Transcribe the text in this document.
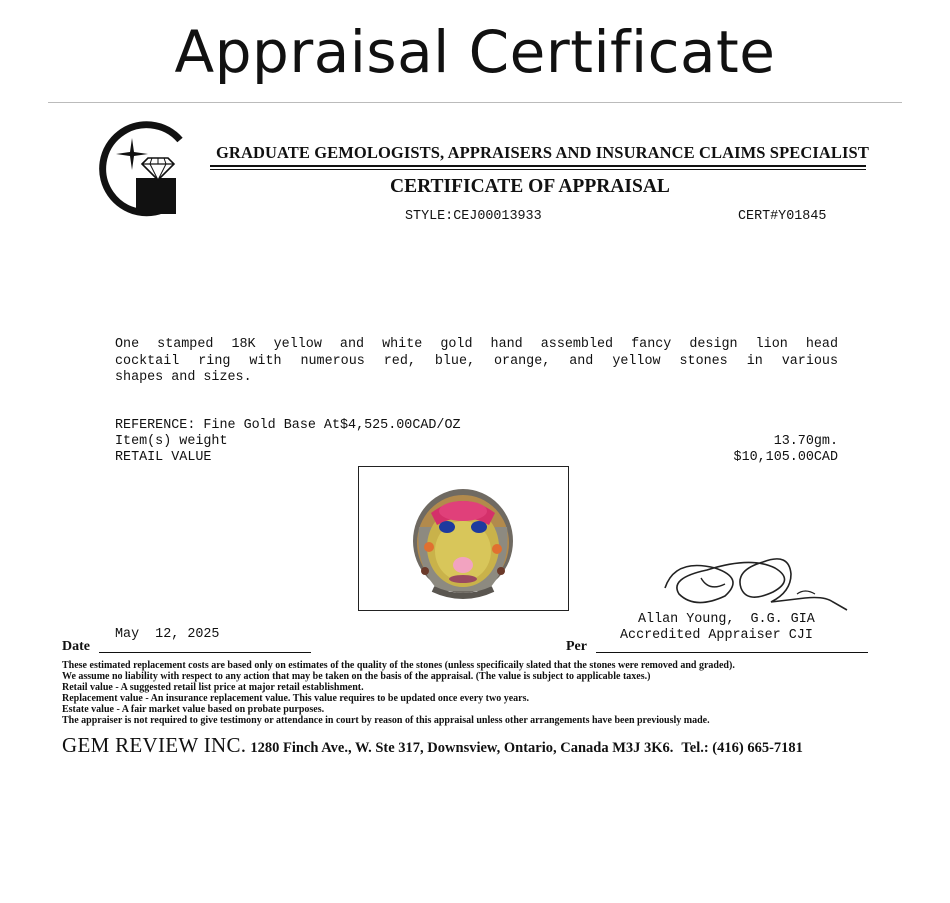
Appraisal Certificate
GRADUATE GEMOLOGISTS, APPRAISERS AND INSURANCE CLAIMS SPECIALIST
CERTIFICATE OF APPRAISAL
STYLE:CEJ00013933	CERT#Y01845
One stamped 18K yellow and white gold hand assembled fancy design lion head
cocktail ring with numerous red, blue, orange, and yellow stones in various
shapes and sizes.
REFERENCE: Fine Gold Base At$4,525.00CAD/OZ
Item(s) weight	13.70gm.
RETAIL VALUE	$10,105.00CAD
Allan Young,  G.G. GIA
Accredited Appraiser CJI
May  12, 2025
Date	Per
These estimated replacement costs are based only on estimates of the quality of the stones (unless specificaily slated that the stones were removed and graded).
We assume no liability with respect to any action that may be taken on the basis of the appraisal. (The value is subject to applicable taxes.)
Retail value - A suggested retail list price at major retail establishment.
Replacement value - An insurance replacement value. This value requires to be updated once every two years.
Estate value - A fair market value based on probate purposes.
The appraiser is not required to give testimony or attendance in court by reason of this appraisal unless other arrangements have been previously made.
GEM REVIEW INC. 1280 Finch Ave., W. Ste 317, Downsview, Ontario, Canada M3J 3K6. Tel.: (416) 665-7181
